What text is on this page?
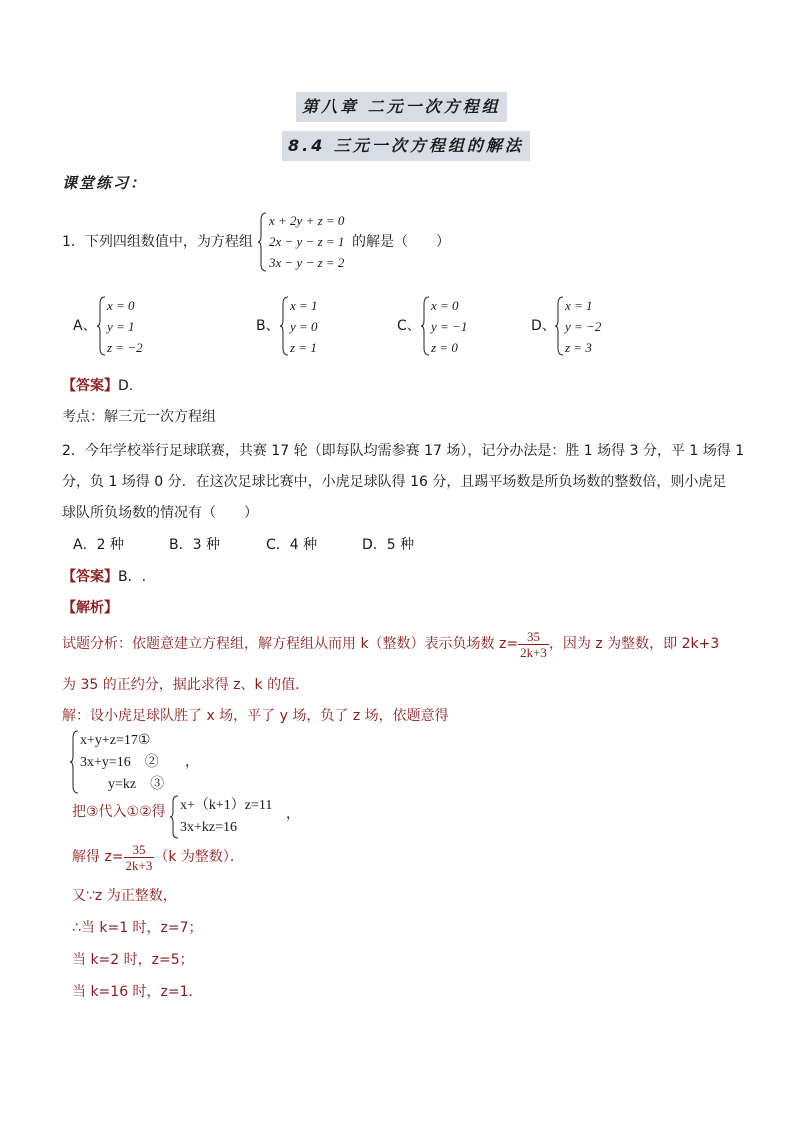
第八章 二元一次方程组
8.4 三元一次方程组的解法
课堂练习：
1．下列四组数值中，为方程组
x + 2y + z = 0
2x − y − z = 1
3x − y − z = 2
的解是（　　）
A、
x = 0
y = 1
z = −2
B、
x = 1
y = 0
z = 1
C、
x = 0
y = −1
z = 0
D、
x = 1
y = −2
z = 3
【答案】D.
考点：解三元一次方程组
2．今年学校举行足球联赛，共赛 17 轮（即每队均需参赛 17 场），记分办法是：胜 1 场得 3 分，平 1 场得 1
分，负 1 场得 0 分．在这次足球比赛中，小虎足球队得 16 分，且踢平场数是所负场数的整数倍，则小虎足
球队所负场数的情况有（　　）
A．2 种	B．3 种	C．4 种	D．5 种
【答案】B．.
【解析】
试题分析：依题意建立方程组，解方程组从而用 k（整数）表示负场数 $z= \frac{35}{2k+3}$ ，因为 z 为整数，即 2k+3
为 35 的正约分，据此求得 z、k 的值．
解：设小虎足球队胜了 x 场，平了 y 场，负了 z 场，依题意得
x+y+z=17①
3x+y=16　②
　　y=kz　③
，
把③代入①②得 x+（k+1）z=11
3x+kz=16
，
解得 $z= \frac{35}{2k+3} (k$ 为整数）．
又∵z 为正整数，
∴当 k=1 时，z=7；
当 k=2 时，z=5；
当 k=16 时，z=1．
